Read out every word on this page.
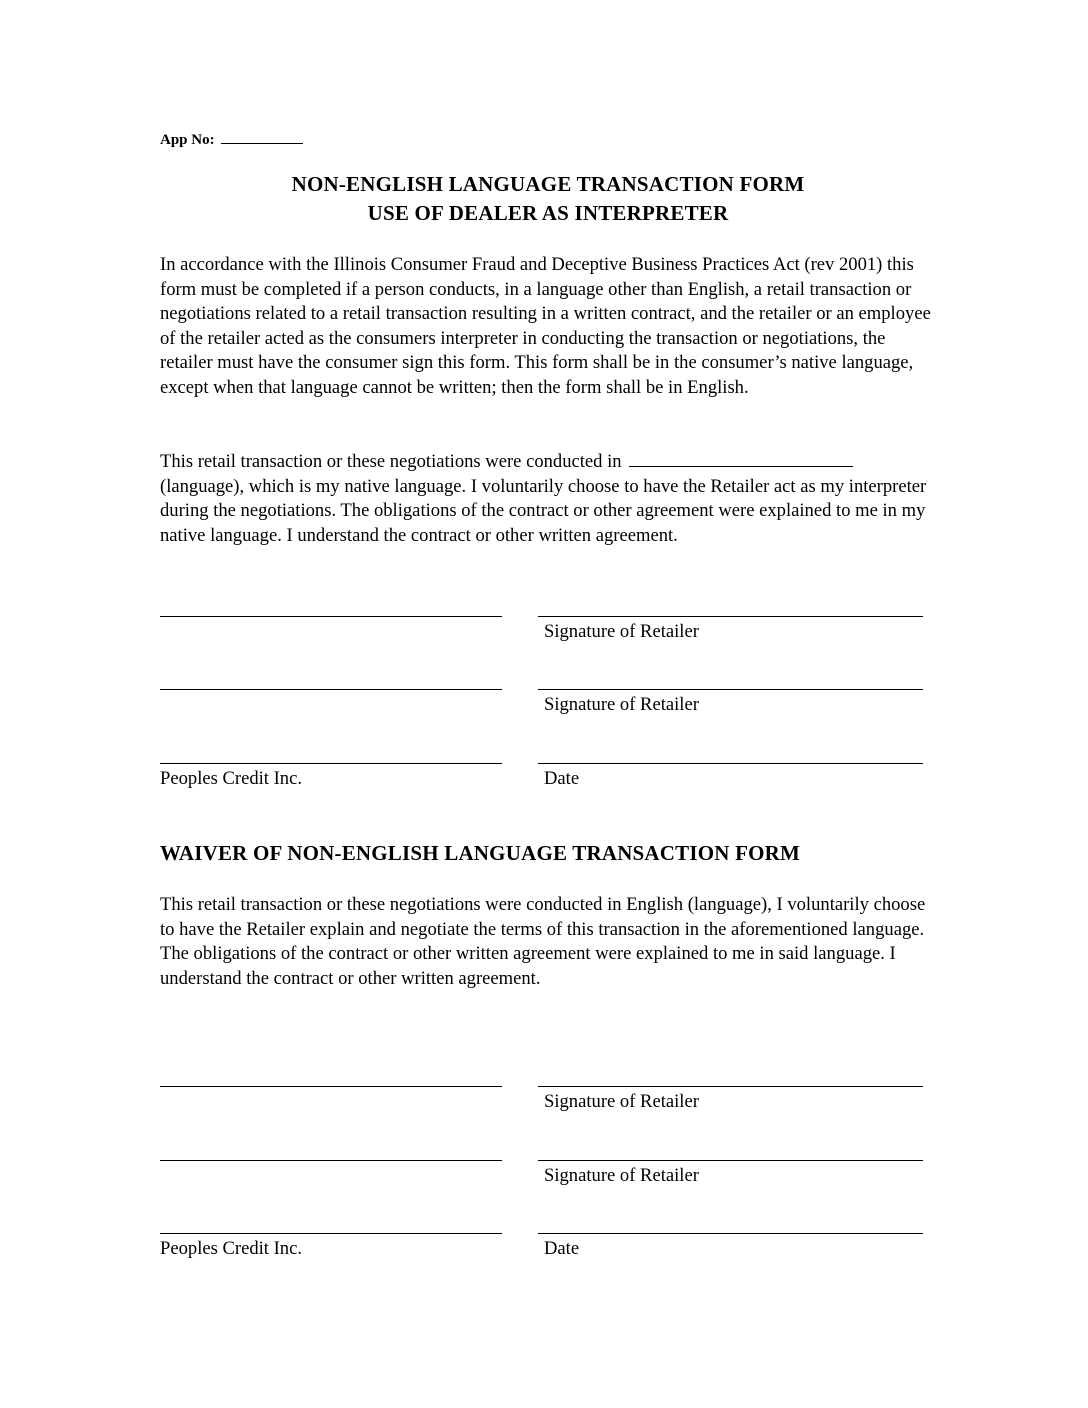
App No:
NON-ENGLISH LANGUAGE TRANSACTION FORM
USE OF DEALER AS INTERPRETER

In accordance with the Illinois Consumer Fraud and Deceptive Business Practices Act (rev 2001) this form must be completed if a person conducts, in a language other than English, a retail transaction or negotiations related to a retail transaction resulting in a written contract, and the retailer or an employee of the retailer acted as the consumers interpreter in conducting the transaction or negotiations, the retailer must have the consumer sign this form. This form shall be in the consumer’s native language, except when that language cannot be written; then the form shall be in English.

This retail transaction or these negotiations were conducted in  (language), which is my native language. I voluntarily choose to have the Retailer act as my interpreter during the negotiations. The obligations of the contract or other agreement were explained to me in my native language. I understand the contract or other written agreement.

Signature of Retailer
Signature of Retailer
Peoples Credit Inc.	Date
WAIVER OF NON-ENGLISH LANGUAGE TRANSACTION FORM

This retail transaction or these negotiations were conducted in English (language), I voluntarily choose to have the Retailer explain and negotiate the terms of this transaction in the aforementioned language. The obligations of the contract or other written agreement were explained to me in said language. I understand the contract or other written agreement.

Signature of Retailer
Signature of Retailer
Peoples Credit Inc.	Date
